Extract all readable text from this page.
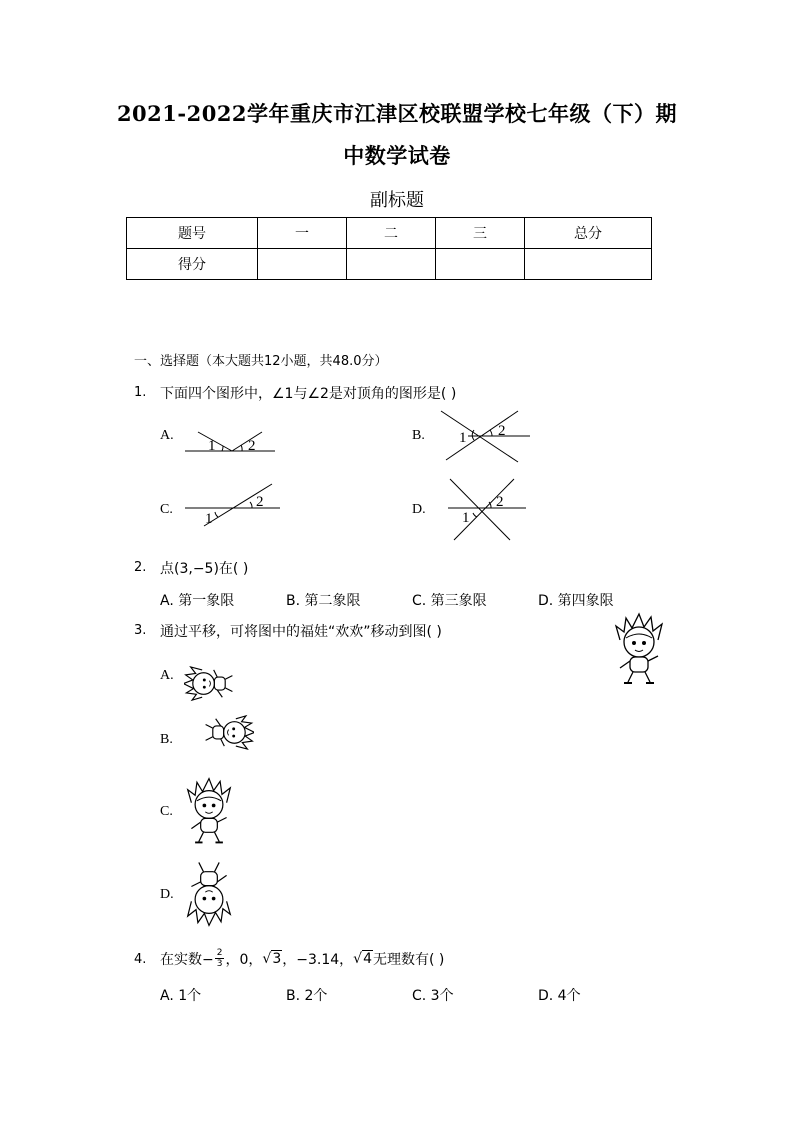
2021-2022学年重庆市江津区校联盟学校七年级（下）期
中数学试卷
副标题
题号	一	二	三	总分
得分				
一、选择题（本大题共12小题，共48.0分）
1. 下面四个图形中，∠1与∠2是对顶角的图形是( )
A.
1 2
B. 1 2
C.
1
2	D.
1
2
2. 点(3,−5)在( )
A. 第一象限	B. 第二象限	C. 第三象限	D. 第四象限
3. 通过平移，可将图中的福娃“欢欢”移动到图( )
A.
B.
C.
D.
4. 在实数− $\frac{2}{3}$ ，0， √ 3 ，−3.14， √ 4 无理数有( )
A. 1个	B. 2个	C. 3个	D. 4个
